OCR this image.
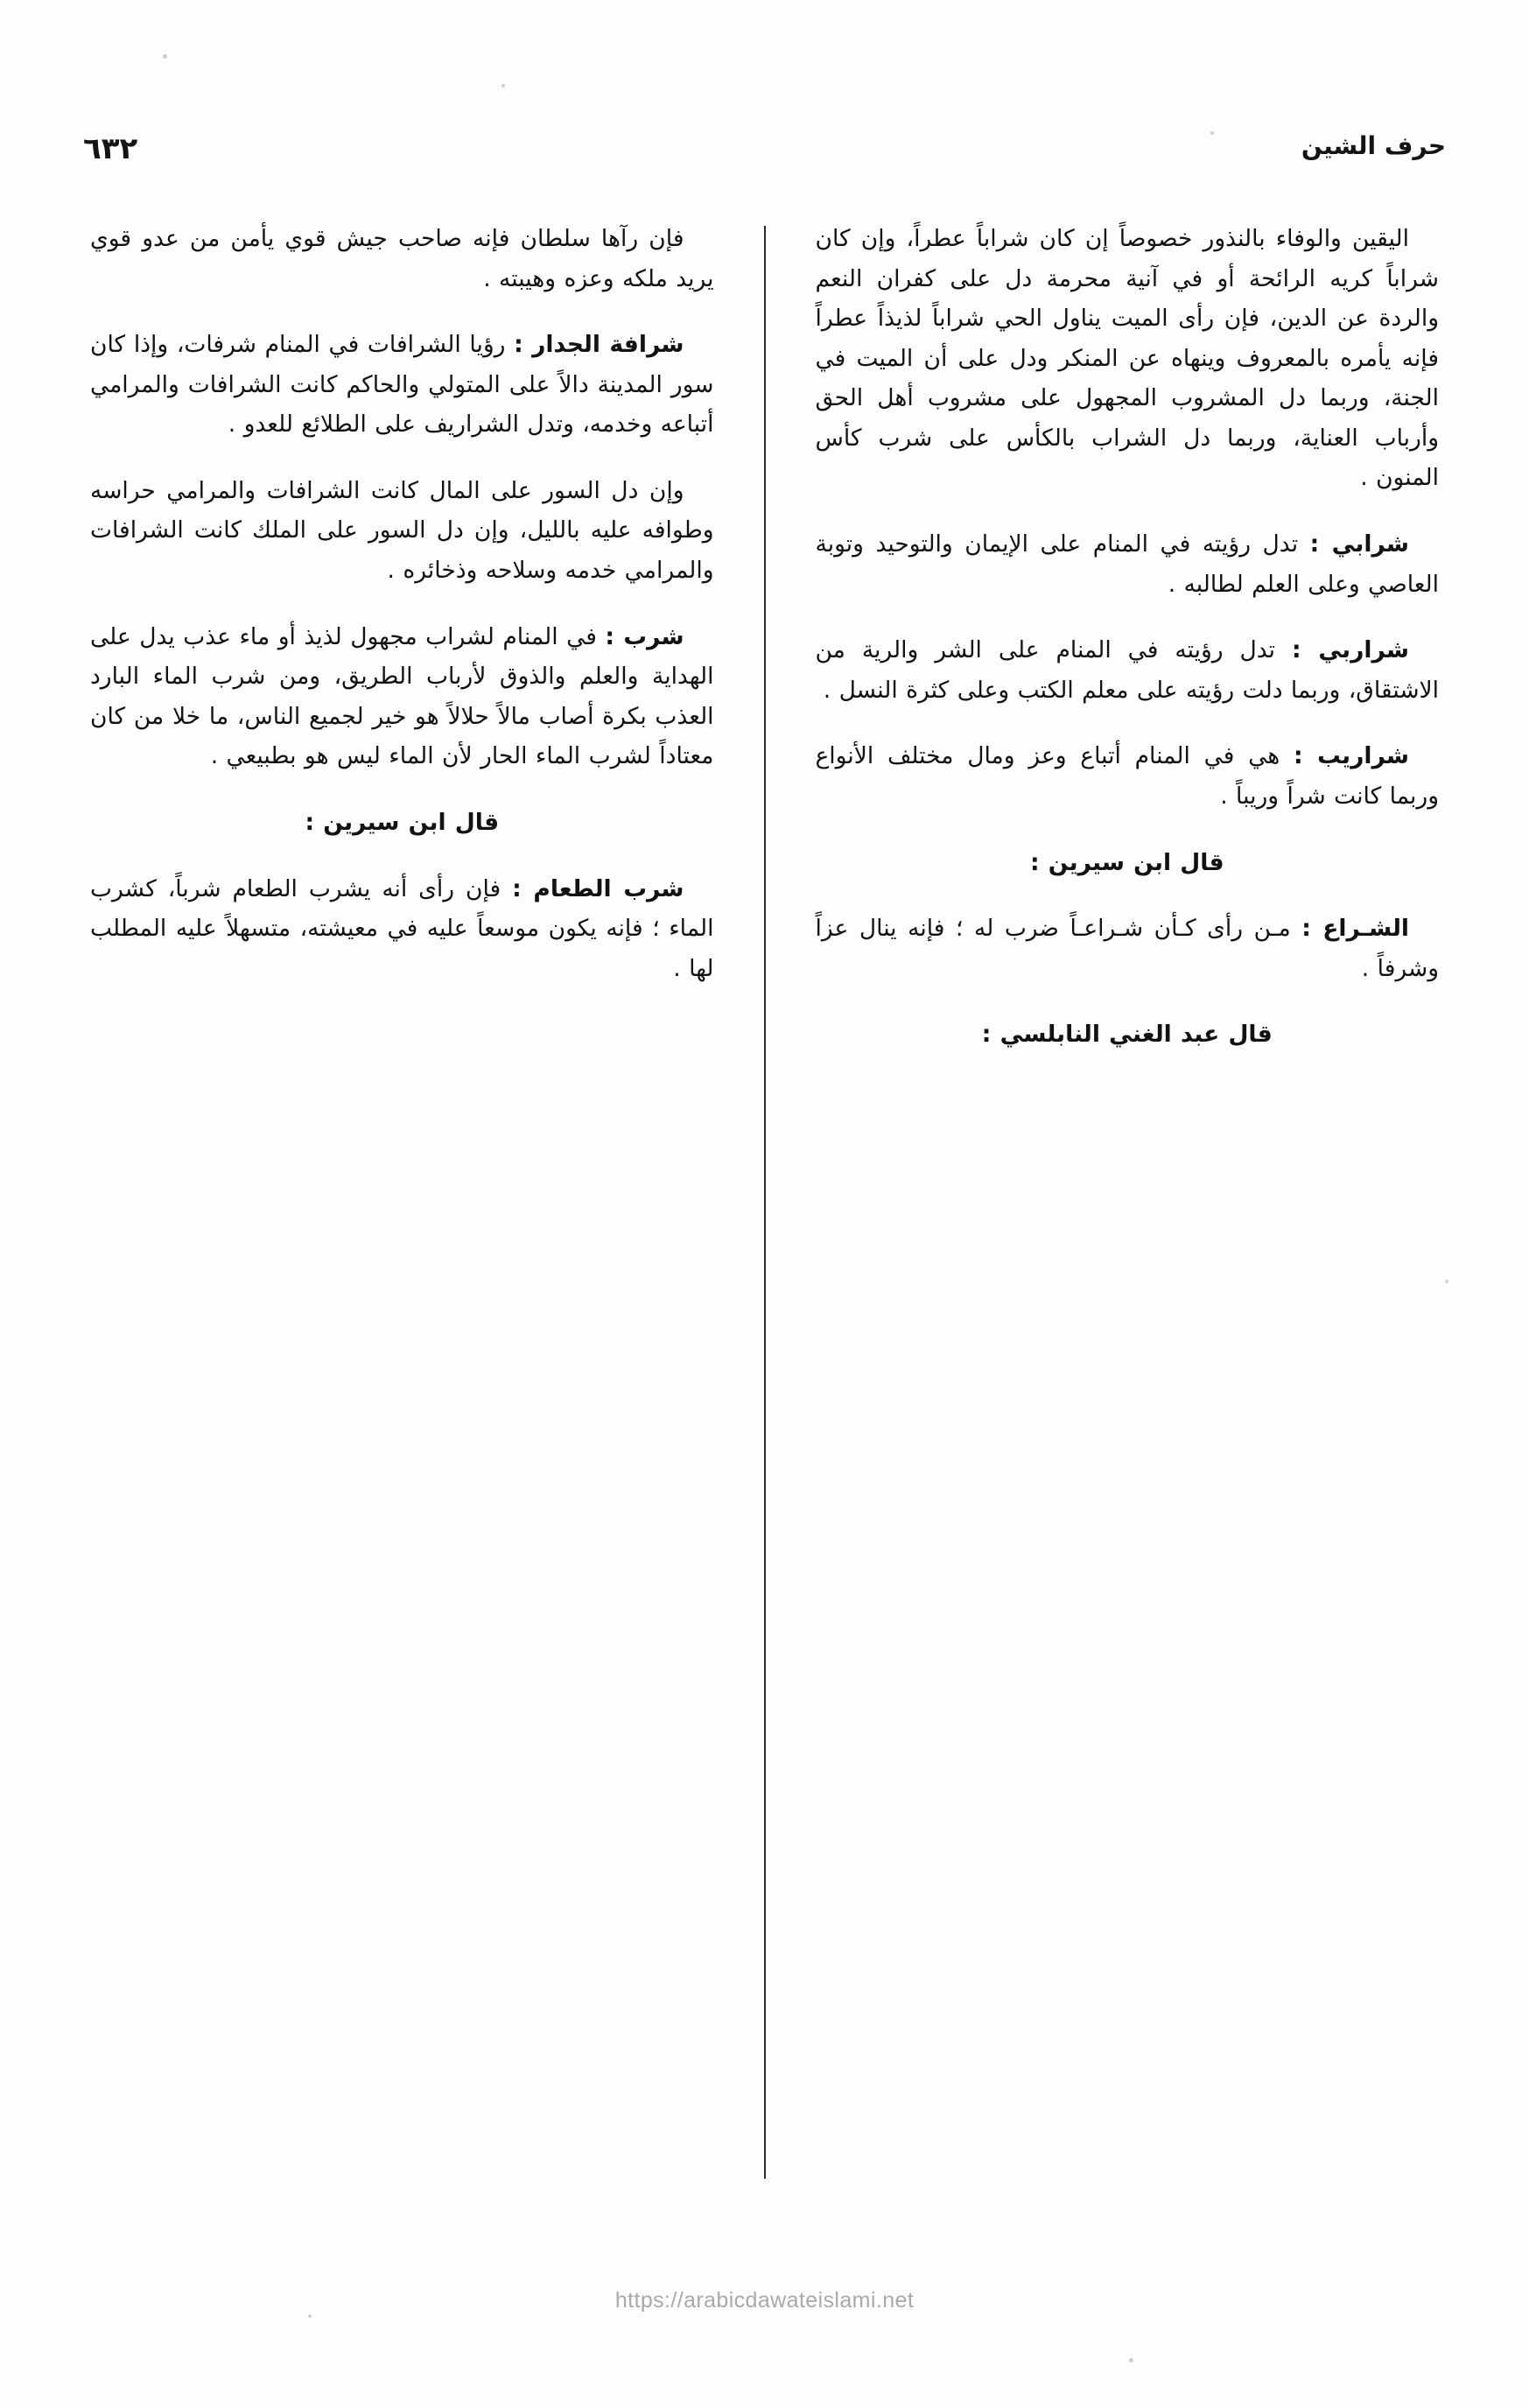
٦٣٢	حرف الشين

اليقين والوفاء بالنذور خصوصاً إن كان شراباً عطراً، وإن كان شراباً كريه الرائحة أو في آنية محرمة دل على كفران النعم والردة عن الدين، فإن رأى الميت يناول الحي شراباً لذيذاً عطراً فإنه يأمره بالمعروف وينهاه عن المنكر ودل على أن الميت في الجنة، وربما دل المشروب المجهول على مشروب أهل الحق وأرباب العناية، وربما دل الشراب بالكأس على شرب كأس المنون .

شرابي : تدل رؤيته في المنام على الإيمان والتوحيد وتوبة العاصي وعلى العلم لطالبه .

شراربي : تدل رؤيته في المنام على الشر والرية من الاشتقاق، وربما دلت رؤيته على معلم الكتب وعلى كثرة النسل .

شراريب : هي في المنام أتباع وعز ومال مختلف الأنواع وربما كانت شراً وريباً .

قال ابن سيرين :

الشـراع : مـن رأى كـأن شـراعـاً ضرب له ؛ فإنه ينال عزاً وشرفاً .

قال عبد الغني النابلسي :

فإن رآها سلطان فإنه صاحب جيش قوي يأمن من عدو قوي يريد ملكه وعزه وهيبته .

شرافة الجدار : رؤيا الشرافات في المنام شرفات، وإذا كان سور المدينة دالاً على المتولي والحاكم كانت الشرافات والمرامي أتباعه وخدمه، وتدل الشراريف على الطلائع للعدو .

وإن دل السور على المال كانت الشرافات والمرامي حراسه وطوافه عليه بالليل، وإن دل السور على الملك كانت الشرافات والمرامي خدمه وسلاحه وذخائره .

شرب : في المنام لشراب مجهول لذيذ أو ماء عذب يدل على الهداية والعلم والذوق لأرباب الطريق، ومن شرب الماء البارد العذب بكرة أصاب مالاً حلالاً هو خير لجميع الناس، ما خلا من كان معتاداً لشرب الماء الحار لأن الماء ليس هو بطبيعي .

قال ابن سيرين :

شرب الطعام : فإن رأى أنه يشرب الطعام شرباً، كشرب الماء ؛ فإنه يكون موسعاً عليه في معيشته، متسهلاً عليه المطلب لها .

https://arabicdawateislami.net
